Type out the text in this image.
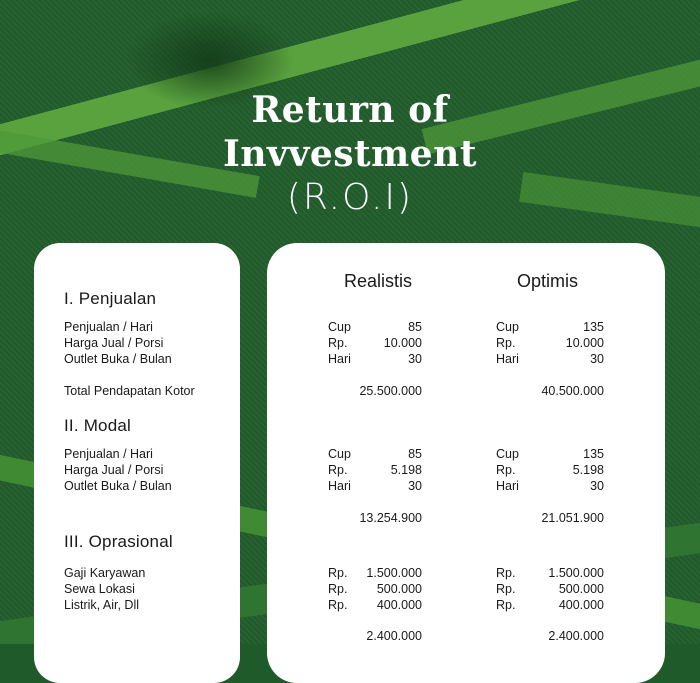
Return of
Invvestment
(R.O.I)
Realistis	Optimis
I. Penjualan
Penjualan / Hari	Cup	85	Cup	135
Harga Jual / Porsi	Rp.	10.000	Rp.	10.000
Outlet Buka / Bulan	Hari	30	Hari	30
Total Pendapatan Kotor	25.500.000	40.500.000
II. Modal
Penjualan / Hari	Cup	85	Cup	135
Harga Jual / Porsi	Rp.	5.198	Rp.	5.198
Outlet Buka / Bulan	Hari	30	Hari	30
13.254.900	21.051.900
III. Oprasional
Gaji Karyawan	Rp. 1.500.000	Rp.	1.500.000
Sewa Lokasi	Rp. 500.000	Rp.	500.000
Listrik, Air, Dll	Rp. 400.000	Rp.	400.000
2.400.000	2.400.000
